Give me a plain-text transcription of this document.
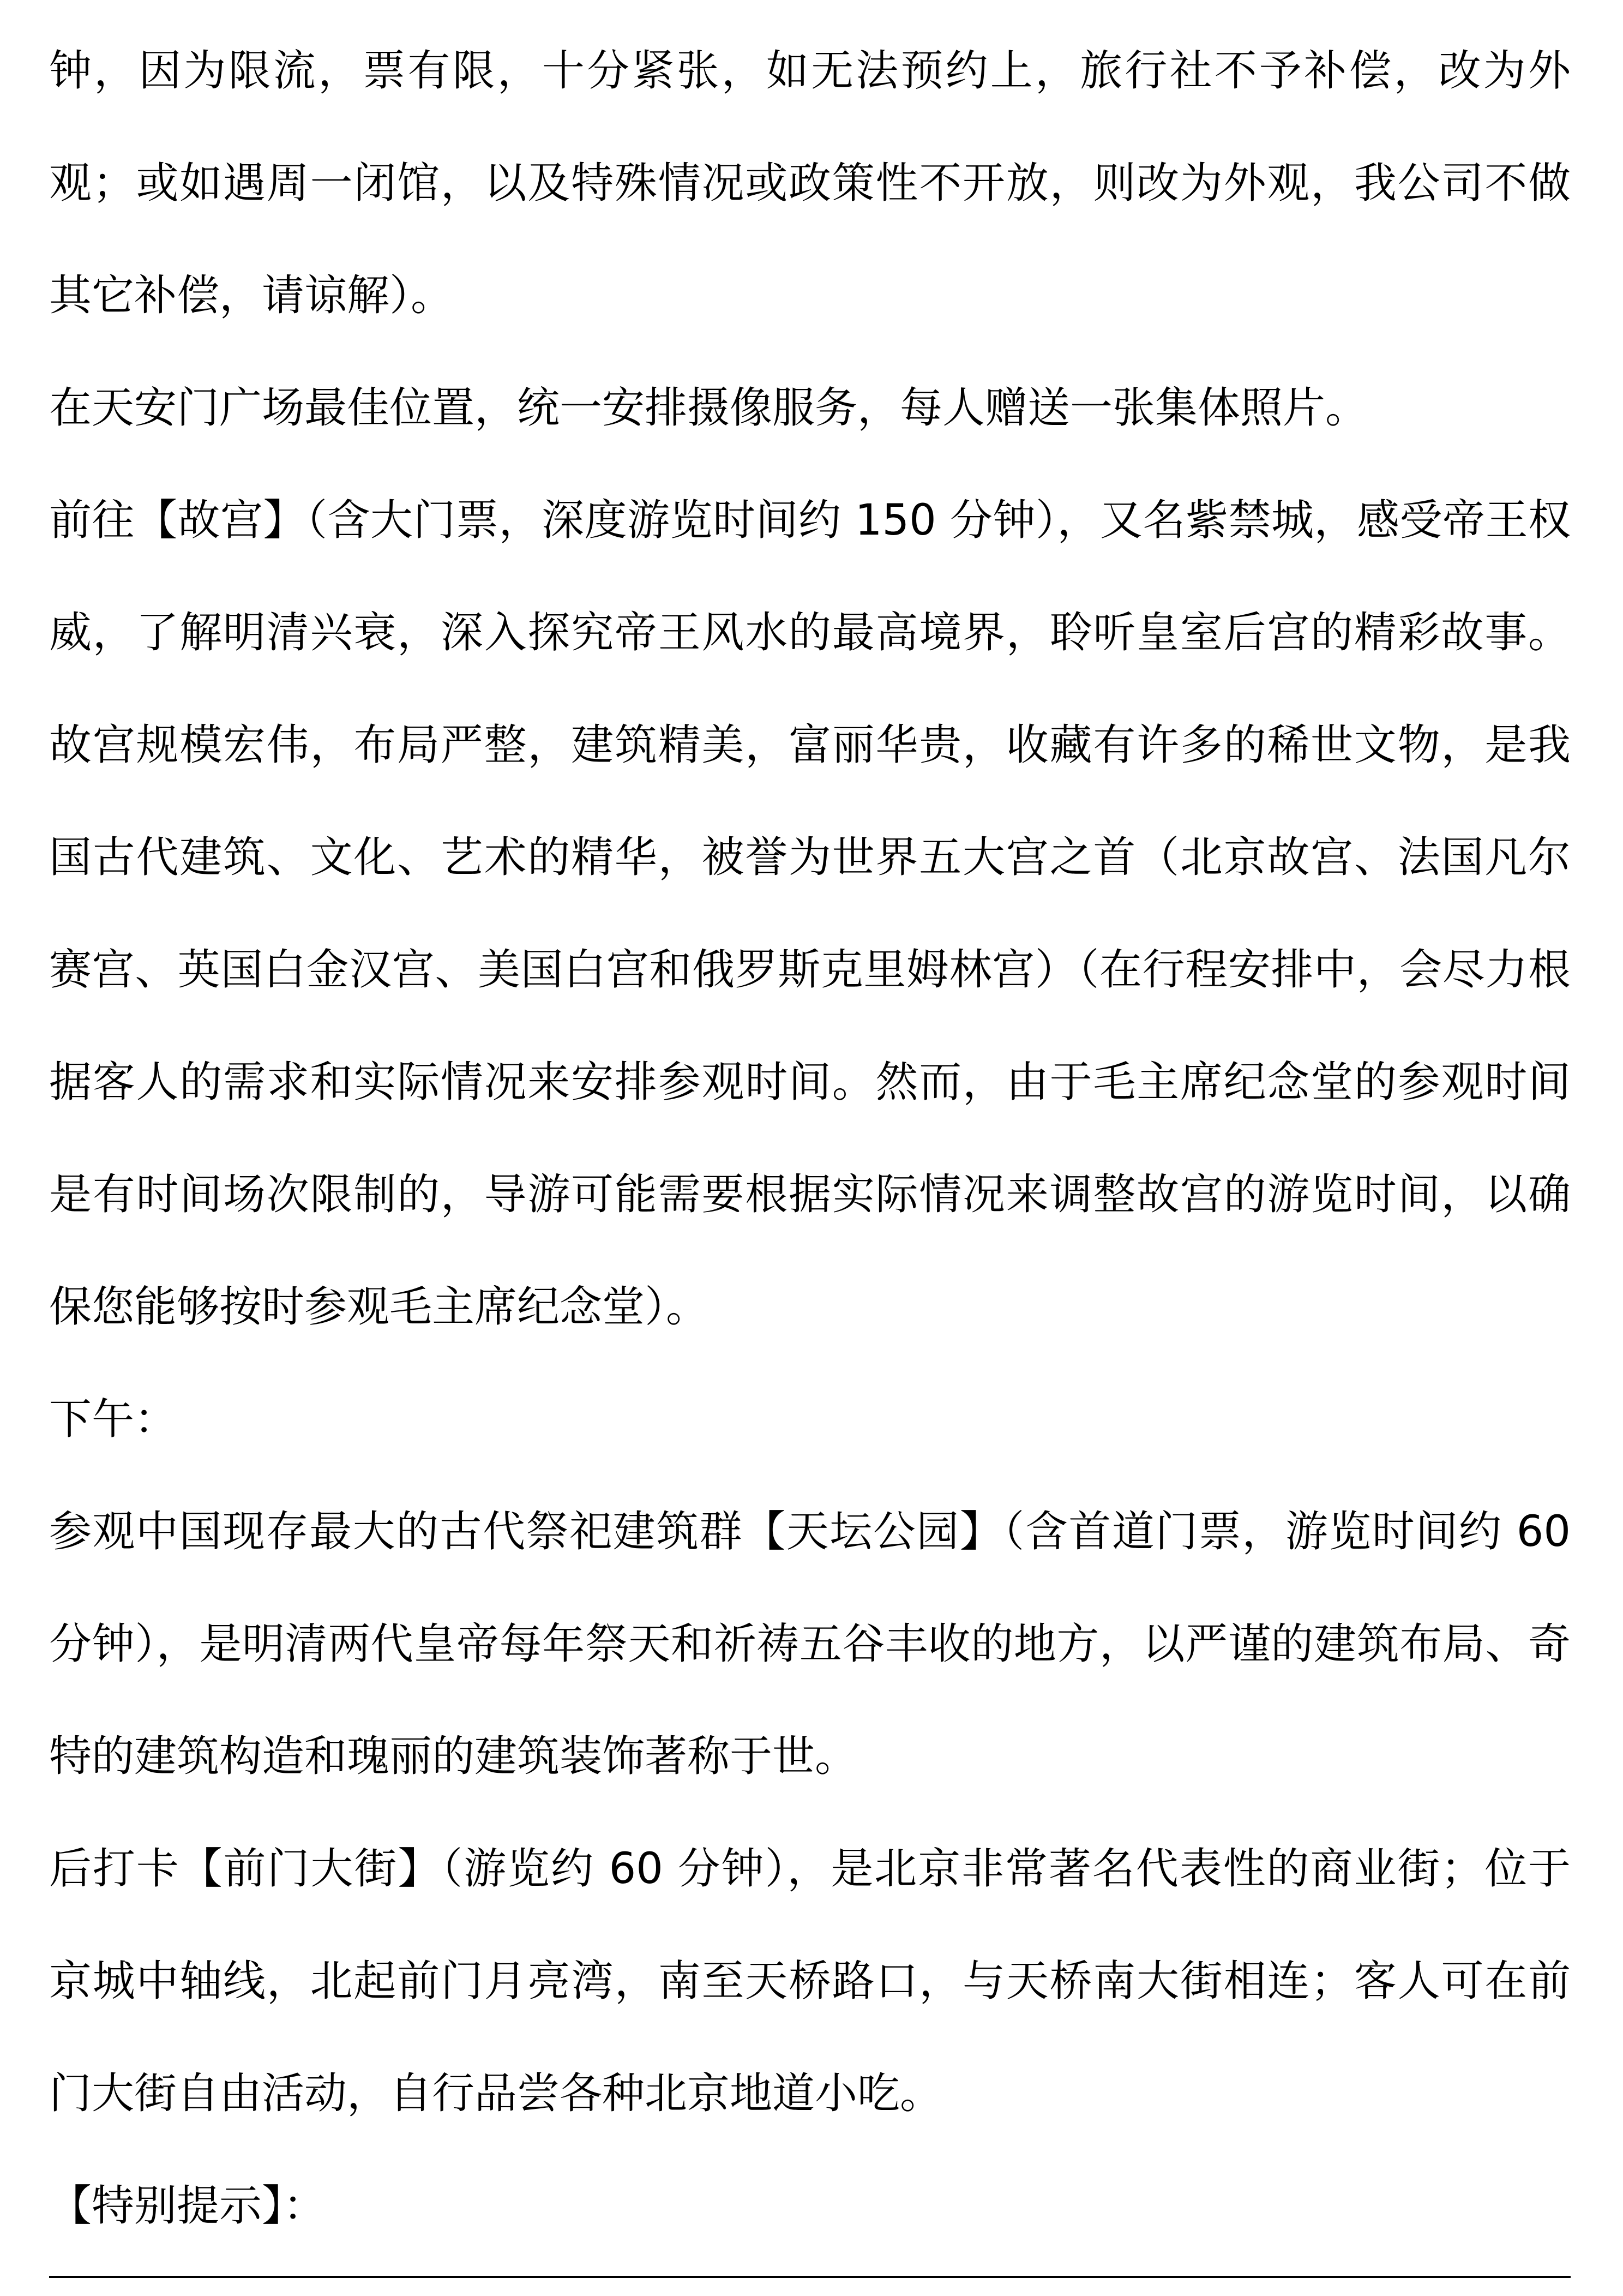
钟，因为限流，票有限，十分紧张，如无法预约上，旅行社不予补偿，改为外观；或如遇周一闭馆，以及特殊情况或政策性不开放，则改为外观，我公司不做其它补偿，请谅解）。

在天安门广场最佳位置，统一安排摄像服务，每人赠送一张集体照片。

前往【故宫】（含大门票，深度游览时间约 150 分钟），又名紫禁城，感受帝王权威，了解明清兴衰，深入探究帝王风水的最高境界，聆听皇室后宫的精彩故事。故宫规模宏伟，布局严整，建筑精美，富丽华贵，收藏有许多的稀世文物，是我国古代建筑、文化、艺术的精华，被誉为世界五大宫之首（北京故宫、法国凡尔赛宫、英国白金汉宫、美国白宫和俄罗斯克里姆林宫）（在行程安排中，会尽力根据客人的需求和实际情况来安排参观时间。然而，由于毛主席纪念堂的参观时间是有时间场次限制的，导游可能需要根据实际情况来调整故宫的游览时间，以确保您能够按时参观毛主席纪念堂）。

下午：

参观中国现存最大的古代祭祀建筑群【天坛公园】（含首道门票，游览时间约 60 分钟），是明清两代皇帝每年祭天和祈祷五谷丰收的地方，以严谨的建筑布局、奇特的建筑构造和瑰丽的建筑装饰著称于世。

后打卡【前门大街】（游览约 60 分钟），是北京非常著名代表性的商业街；位于京城中轴线，北起前门月亮湾，南至天桥路口，与天桥南大街相连；客人可在前门大街自由活动，自行品尝各种北京地道小吃。

【特别提示】：
